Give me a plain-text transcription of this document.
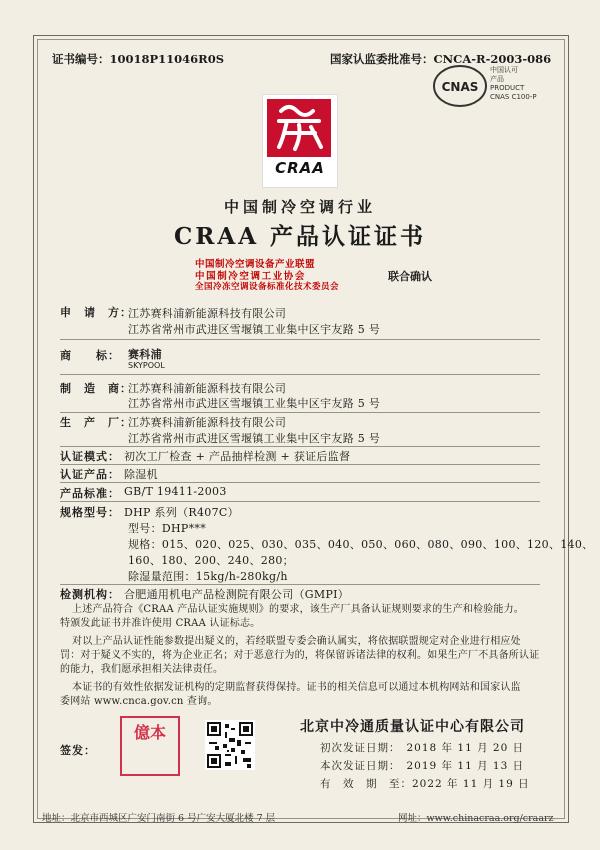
证书编号：10018P11046R0S	国家认监委批准号：CNCA-R-2003-086
CNAS
中国认可
产品
PRODUCT
CNAS C100-P
CRAA
中国制冷空调行业
CRAA 产品认证证书
中国制冷空调设备产业联盟
中国制冷空调工业协会
全国冷冻空调设备标准化技术委员会
联合确认
申　请　方：
江苏赛科浦新能源科技有限公司
江苏省常州市武进区雪堰镇工业集中区宇友路 5 号
商　　标： 赛科浦
SKYPOOL
制　造　商：
江苏赛科浦新能源科技有限公司
江苏省常州市武进区雪堰镇工业集中区宇友路 5 号
生　产　厂：
江苏赛科浦新能源科技有限公司
江苏省常州市武进区雪堰镇工业集中区宇友路 5 号
认证模式： 初次工厂检查 + 产品抽样检测 + 获证后监督
认证产品： 除湿机
产品标准： GB/T 19411-2003
规格型号： DHP 系列（R407C）
型号：DHP***
规格：015、020、025、030、035、040、050、060、080、090、100、120、140、
160、180、200、240、280；
除湿量范围：15kg/h-280kg/h
检测机构： 合肥通用机电产品检测院有限公司（GMPI）
上述产品符合《CRAA 产品认证实施规则》的要求，该生产厂具备认证规则要求的生产和检验能力。
特颁发此证书并准许使用 CRAA 认证标志。
对以上产品认证性能参数提出疑义的，若经联盟专委会确认属实，将依据联盟规定对企业进行相应处
罚：对于疑义不实的，将为企业正名；对于恶意行为的，将保留诉诸法律的权利。如果生产厂不具备所认证
的能力，我们愿承担相关法律责任。
本证书的有效性依据发证机构的定期监督获得保持。证书的相关信息可以通过本机构网站和国家认监
委网站 www.cnca.gov.cn 查询。
签发：
億本	北京中冷通质量认证中心有限公司
初次发证日期： 2018 年 11 月 20 日
本次发证日期： 2019 年 11 月 13 日
有　效　期　至：2022 年 11 月 19 日
地址：北京市西城区广安门南街 6 号广安大厦北楼 7 层	网址：www.chinacraa.org/craarz
